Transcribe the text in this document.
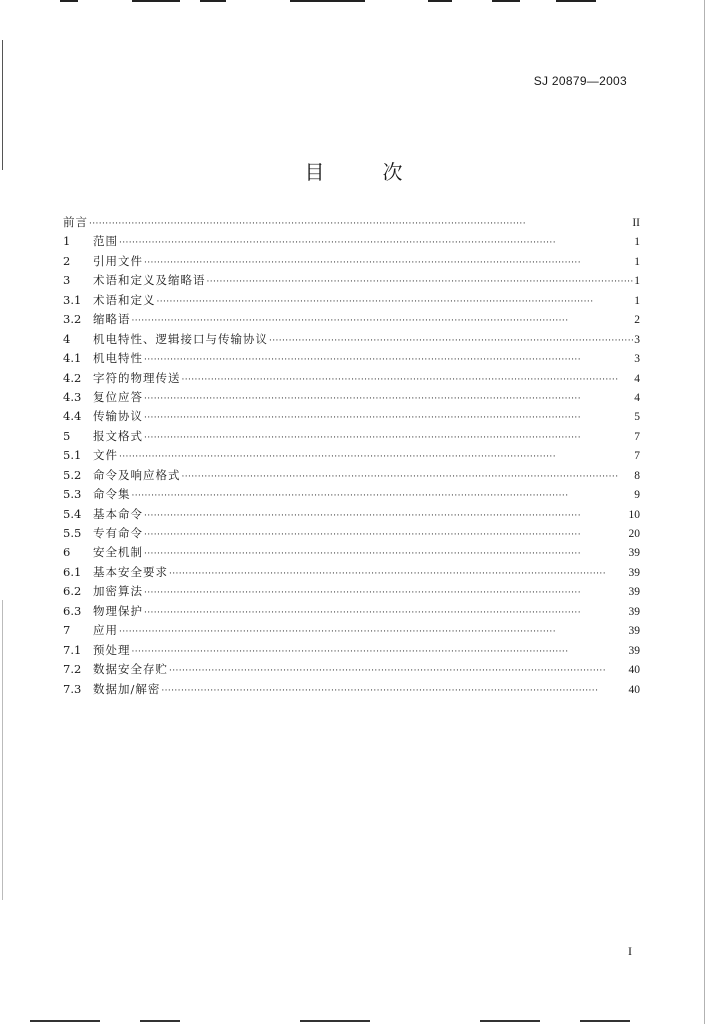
SJ 20879—2003
目	次
前言 ·····	II
1 范围 ·····	1
2 引用文件 ·····	1
3 术语和定义及缩略语 ·····	1
3.1 术语和定义 ·····	1
3.2 缩略语 ·····	2
4 机电特性、逻辑接口与传输协议 ·····	3
4.1 机电特性 ·····	3
4.2 字符的物理传送 ·····	4
4.3 复位应答 ·····	4
4.4 传输协议 ·····	5
5 报文格式 ·····	7
5.1 文件 ·····	7
5.2 命令及响应格式 ·····	8
5.3 命令集 ·····	9
5.4 基本命令 ·····	10
5.5 专有命令 ·····	20
6 安全机制 ·····	39
6.1 基本安全要求 ·····	39
6.2 加密算法 ·····	39
6.3 物理保护 ·····	39
7 应用 ·····	39
7.1 预处理 ·····	39
7.2 数据安全存贮 ·····	40
7.3 数据加/解密 ·····	40
I
